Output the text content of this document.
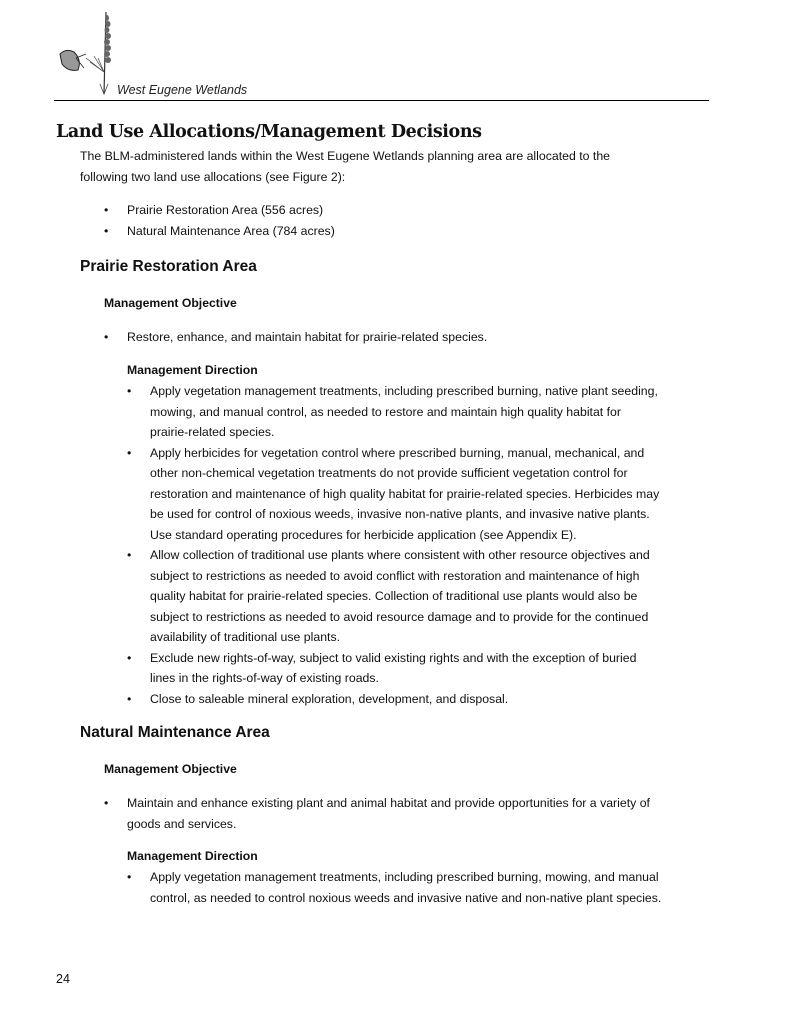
West Eugene Wetlands
Land Use Allocations/Management Decisions
The BLM-administered lands within the West Eugene Wetlands planning area are allocated to the
following two land use allocations (see Figure 2):
• Prairie Restoration Area (556 acres)
• Natural Maintenance Area (784 acres)
Prairie Restoration Area
Management Objective
• Restore, enhance, and maintain habitat for prairie-related species.
Management Direction
• Apply vegetation management treatments, including prescribed burning, native plant seeding,
mowing, and manual control, as needed to restore and maintain high quality habitat for
prairie-related species.
• Apply herbicides for vegetation control where prescribed burning, manual, mechanical, and
other non-chemical vegetation treatments do not provide sufficient vegetation control for
restoration and maintenance of high quality habitat for prairie-related species. Herbicides may
be used for control of noxious weeds, invasive non-native plants, and invasive native plants.
Use standard operating procedures for herbicide application (see Appendix E).
• Allow collection of traditional use plants where consistent with other resource objectives and
subject to restrictions as needed to avoid conflict with restoration and maintenance of high
quality habitat for prairie-related species. Collection of traditional use plants would also be
subject to restrictions as needed to avoid resource damage and to provide for the continued
availability of traditional use plants.
• Exclude new rights-of-way, subject to valid existing rights and with the exception of buried
lines in the rights-of-way of existing roads.
• Close to saleable mineral exploration, development, and disposal.
Natural Maintenance Area
Management Objective
• Maintain and enhance existing plant and animal habitat and provide opportunities for a variety of
goods and services.
Management Direction
• Apply vegetation management treatments, including prescribed burning, mowing, and manual
control, as needed to control noxious weeds and invasive native and non-native plant species.
24
